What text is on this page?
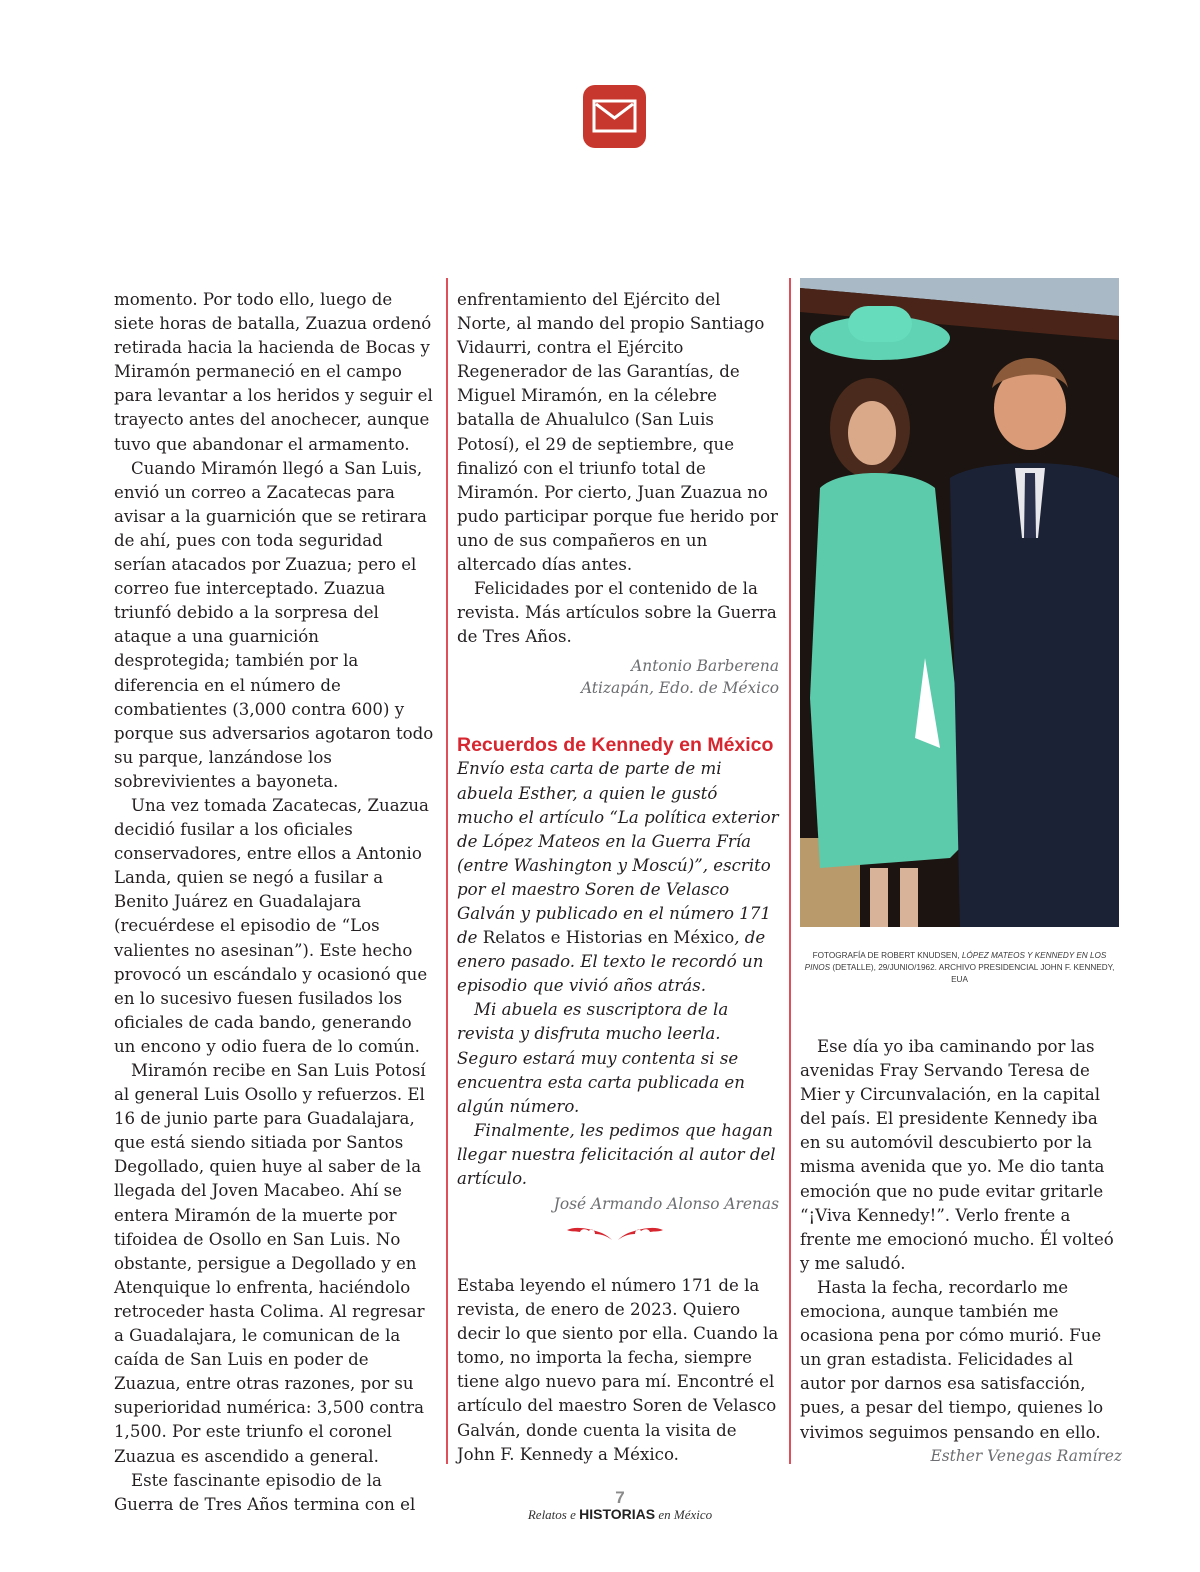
momento. Por todo ello, luego de siete horas de batalla, Zuazua ordenó retirada hacia la hacienda de Bocas y Miramón permaneció en el campo para levantar a los heridos y seguir el trayecto antes del anochecer, aunque tuvo que abandonar el armamento.

Cuando Miramón llegó a San Luis, envió un correo a Zacatecas para avisar a la guarnición que se retirara de ahí, pues con toda seguridad serían atacados por Zuazua; pero el correo fue interceptado. Zuazua triunfó debido a la sorpresa del ataque a una guarnición desprotegida; también por la diferencia en el número de combatientes (3,000 contra 600) y porque sus adversarios agotaron todo su parque, lanzándose los sobrevivientes a bayoneta.

Una vez tomada Zacatecas, Zuazua decidió fusilar a los oficiales conservadores, entre ellos a Antonio Landa, quien se negó a fusilar a Benito Juárez en Guadalajara (recuérdese el episodio de “Los valientes no asesinan”). Este hecho provocó un escándalo y ocasionó que en lo sucesivo fuesen fusilados los oficiales de cada bando, generando un encono y odio fuera de lo común.

Miramón recibe en San Luis Potosí al general Luis Osollo y refuerzos. El 16 de junio parte para Guadalajara, que está siendo sitiada por Santos Degollado, quien huye al saber de la llegada del Joven Macabeo. Ahí se entera Miramón de la muerte por tifoidea de Osollo en San Luis. No obstante, persigue a Degollado y en Atenquique lo enfrenta, haciéndolo retroceder hasta Colima. Al regresar a Guadalajara, le comunican de la caída de San Luis en poder de Zuazua, entre otras razones, por su superioridad numérica: 3,500 contra 1,500. Por este triunfo el coronel Zuazua es ascendido a general.

Este fascinante episodio de la Guerra de Tres Años termina con el

enfrentamiento del Ejército del Norte, al mando del propio Santiago Vidaurri, contra el Ejército Regenerador de las Garantías, de Miguel Miramón, en la célebre batalla de Ahualulco (San Luis Potosí), el 29 de septiembre, que finalizó con el triunfo total de Miramón. Por cierto, Juan Zuazua no pudo participar porque fue herido por uno de sus compañeros en un altercado días antes.

Felicidades por el contenido de la revista. Más artículos sobre la Guerra de Tres Años.

Antonio Barberena
Atizapán, Edo. de México
Recuerdos de Kennedy en México

Envío esta carta de parte de mi abuela Esther, a quien le gustó mucho el artículo “La política exterior de López Mateos en la Guerra Fría (entre Washington y Moscú)”, escrito por el maestro Soren de Velasco Galván y publicado en el número 171 de Relatos e Historias en México, de enero pasado. El texto le recordó un episodio que vivió años atrás.

Mi abuela es suscriptora de la revista y disfruta mucho leerla. Seguro estará muy contenta si se encuentra esta carta publicada en algún número.

Finalmente, les pedimos que hagan llegar nuestra felicitación al autor del artículo.

José Armando Alonso Arenas

Estaba leyendo el número 171 de la revista, de enero de 2023. Quiero decir lo que siento por ella. Cuando la tomo, no importa la fecha, siempre tiene algo nuevo para mí. Encontré el artículo del maestro Soren de Velasco Galván, donde cuenta la visita de John F. Kennedy a México.

FOTOGRAFÍA DE ROBERT KNUDSEN, LÓPEZ MATEOS Y KENNEDY EN LOS PINOS (DETALLE), 29/JUNIO/1962. ARCHIVO PRESIDENCIAL JOHN F. KENNEDY, EUA

Ese día yo iba caminando por las avenidas Fray Servando Teresa de Mier y Circunvalación, en la capital del país. El presidente Kennedy iba en su automóvil descubierto por la misma avenida que yo. Me dio tanta emoción que no pude evitar gritarle “¡Viva Kennedy!”. Verlo frente a frente me emocionó mucho. Él volteó y me saludó.

Hasta la fecha, recordarlo me emociona, aunque también me ocasiona pena por cómo murió. Fue un gran estadista. Felicidades al autor por darnos esa satisfacción, pues, a pesar del tiempo, quienes lo vivimos seguimos pensando en ello.

Esther Venegas Ramírez
7
Relatos e HISTORIAS en México
